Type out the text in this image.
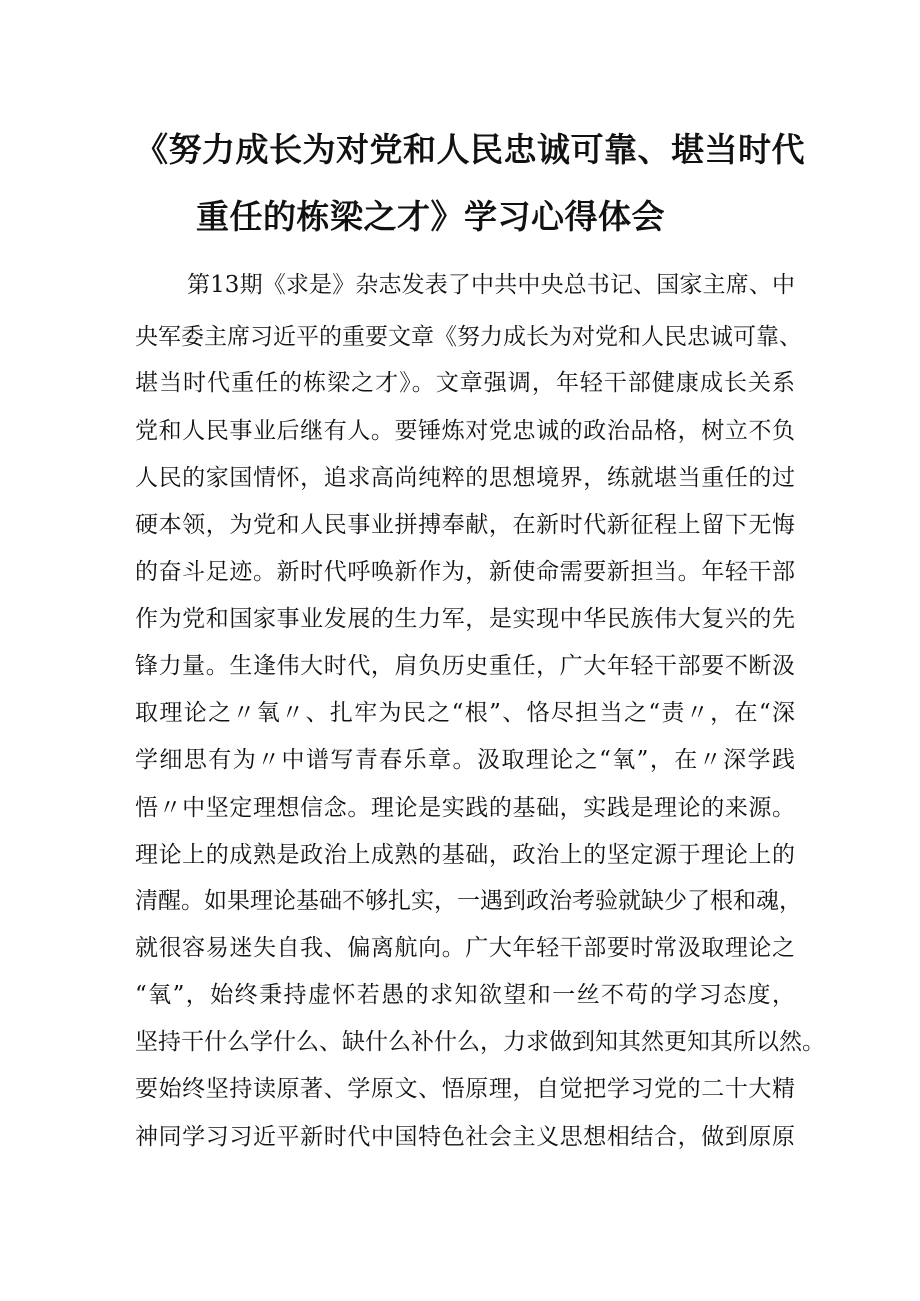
《努力成长为对党和人民忠诚可靠、堪当时代
重任的栋梁之才》学习心得体会
第13期《求是》杂志发表了中共中央总书记、国家主席、中
央军委主席习近平的重要文章《努力成长为对党和人民忠诚可靠、
堪当时代重任的栋梁之才》。文章强调，年轻干部健康成长关系
党和人民事业后继有人。要锤炼对党忠诚的政治品格，树立不负
人民的家国情怀，追求高尚纯粹的思想境界，练就堪当重任的过
硬本领，为党和人民事业拼搏奉献，在新时代新征程上留下无悔
的奋斗足迹。新时代呼唤新作为，新使命需要新担当。年轻干部
作为党和国家事业发展的生力军，是实现中华民族伟大复兴的先
锋力量。生逢伟大时代，肩负历史重任，广大年轻干部要不断汲
取理论之〃氧〃、扎牢为民之“根”、恪尽担当之“责〃，在“深
学细思有为〃中谱写青春乐章。汲取理论之“氧”，在〃深学践
悟〃中坚定理想信念。理论是实践的基础，实践是理论的来源。
理论上的成熟是政治上成熟的基础，政治上的坚定源于理论上的
清醒。如果理论基础不够扎实，一遇到政治考验就缺少了根和魂，
就很容易迷失自我、偏离航向。广大年轻干部要时常汲取理论之
“氧”，始终秉持虚怀若愚的求知欲望和一丝不苟的学习态度，
坚持干什么学什么、缺什么补什么，力求做到知其然更知其所以然。
要始终坚持读原著、学原文、悟原理，自觉把学习党的二十大精
神同学习习近平新时代中国特色社会主义思想相结合，做到原原
